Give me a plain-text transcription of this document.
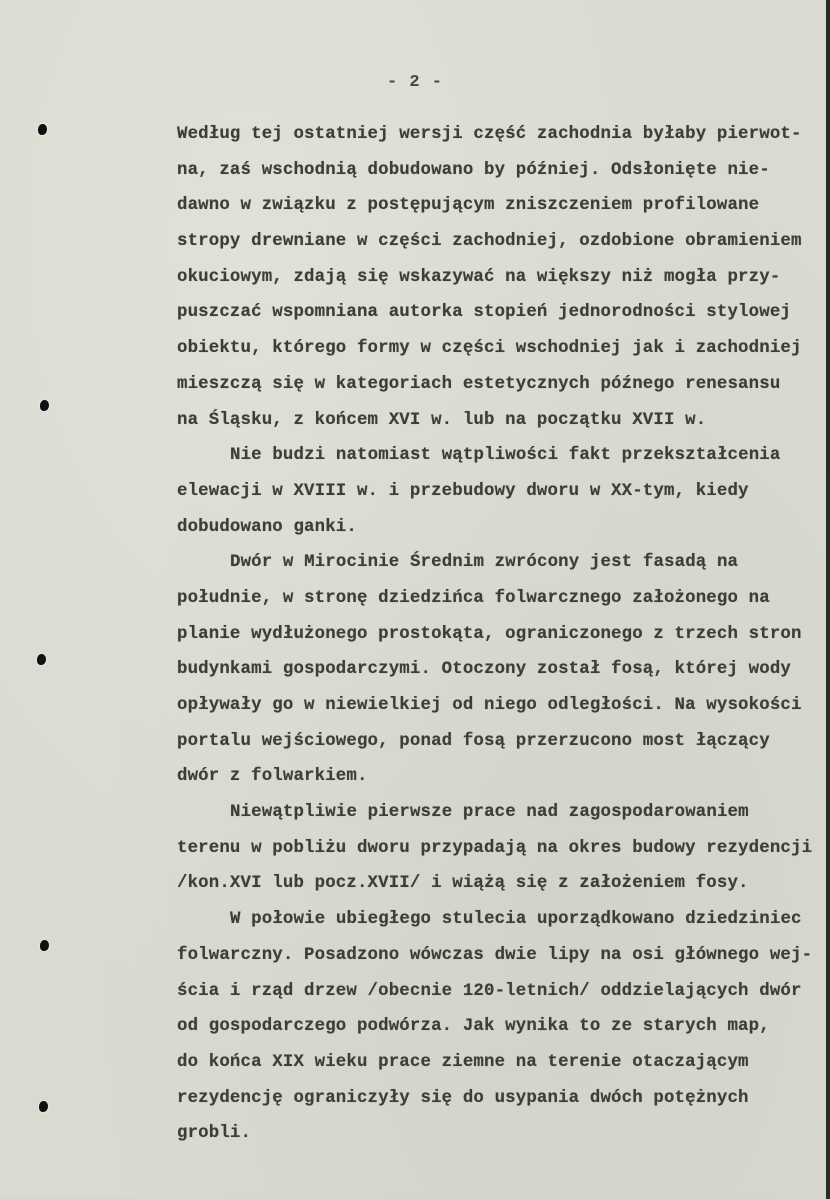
- 2 -
Według tej ostatniej wersji część zachodnia byłaby pierwot-
na, zaś wschodnią dobudowano by później. Odsłonięte nie-
dawno w związku z postępującym zniszczeniem profilowane
stropy drewniane w części zachodniej, ozdobione obramieniem
okuciowym, zdają się wskazywać na większy niż mogła przy-
puszczać wspomniana autorka stopień jednorodności stylowej
obiektu, którego formy w części wschodniej jak i zachodniej
mieszczą się w kategoriach estetycznych późnego renesansu
na Śląsku, z końcem XVI w. lub na początku XVII w.
Nie budzi natomiast wątpliwości fakt przekształcenia
elewacji w XVIII w. i przebudowy dworu w XX-tym, kiedy
dobudowano ganki.
Dwór w Mirocinie Średnim zwrócony jest fasadą na
południe, w stronę dziedzińca folwarcznego założonego na
planie wydłużonego prostokąta, ograniczonego z trzech stron
budynkami gospodarczymi. Otoczony został fosą, której wody
opływały go w niewielkiej od niego odległości. Na wysokości
portalu wejściowego, ponad fosą przerzucono most łączący
dwór z folwarkiem.
Niewątpliwie pierwsze prace nad zagospodarowaniem
terenu w pobliżu dworu przypadają na okres budowy rezydencji
/kon.XVI lub pocz.XVII/ i wiążą się z założeniem fosy.
W połowie ubiegłego stulecia uporządkowano dziedziniec
folwarczny. Posadzono wówczas dwie lipy na osi głównego wej-
ścia i rząd drzew /obecnie 120-letnich/ oddzielających dwór
od gospodarczego podwórza. Jak wynika to ze starych map,
do końca XIX wieku prace ziemne na terenie otaczającym
rezydencję ograniczyły się do usypania dwóch potężnych
grobli.
